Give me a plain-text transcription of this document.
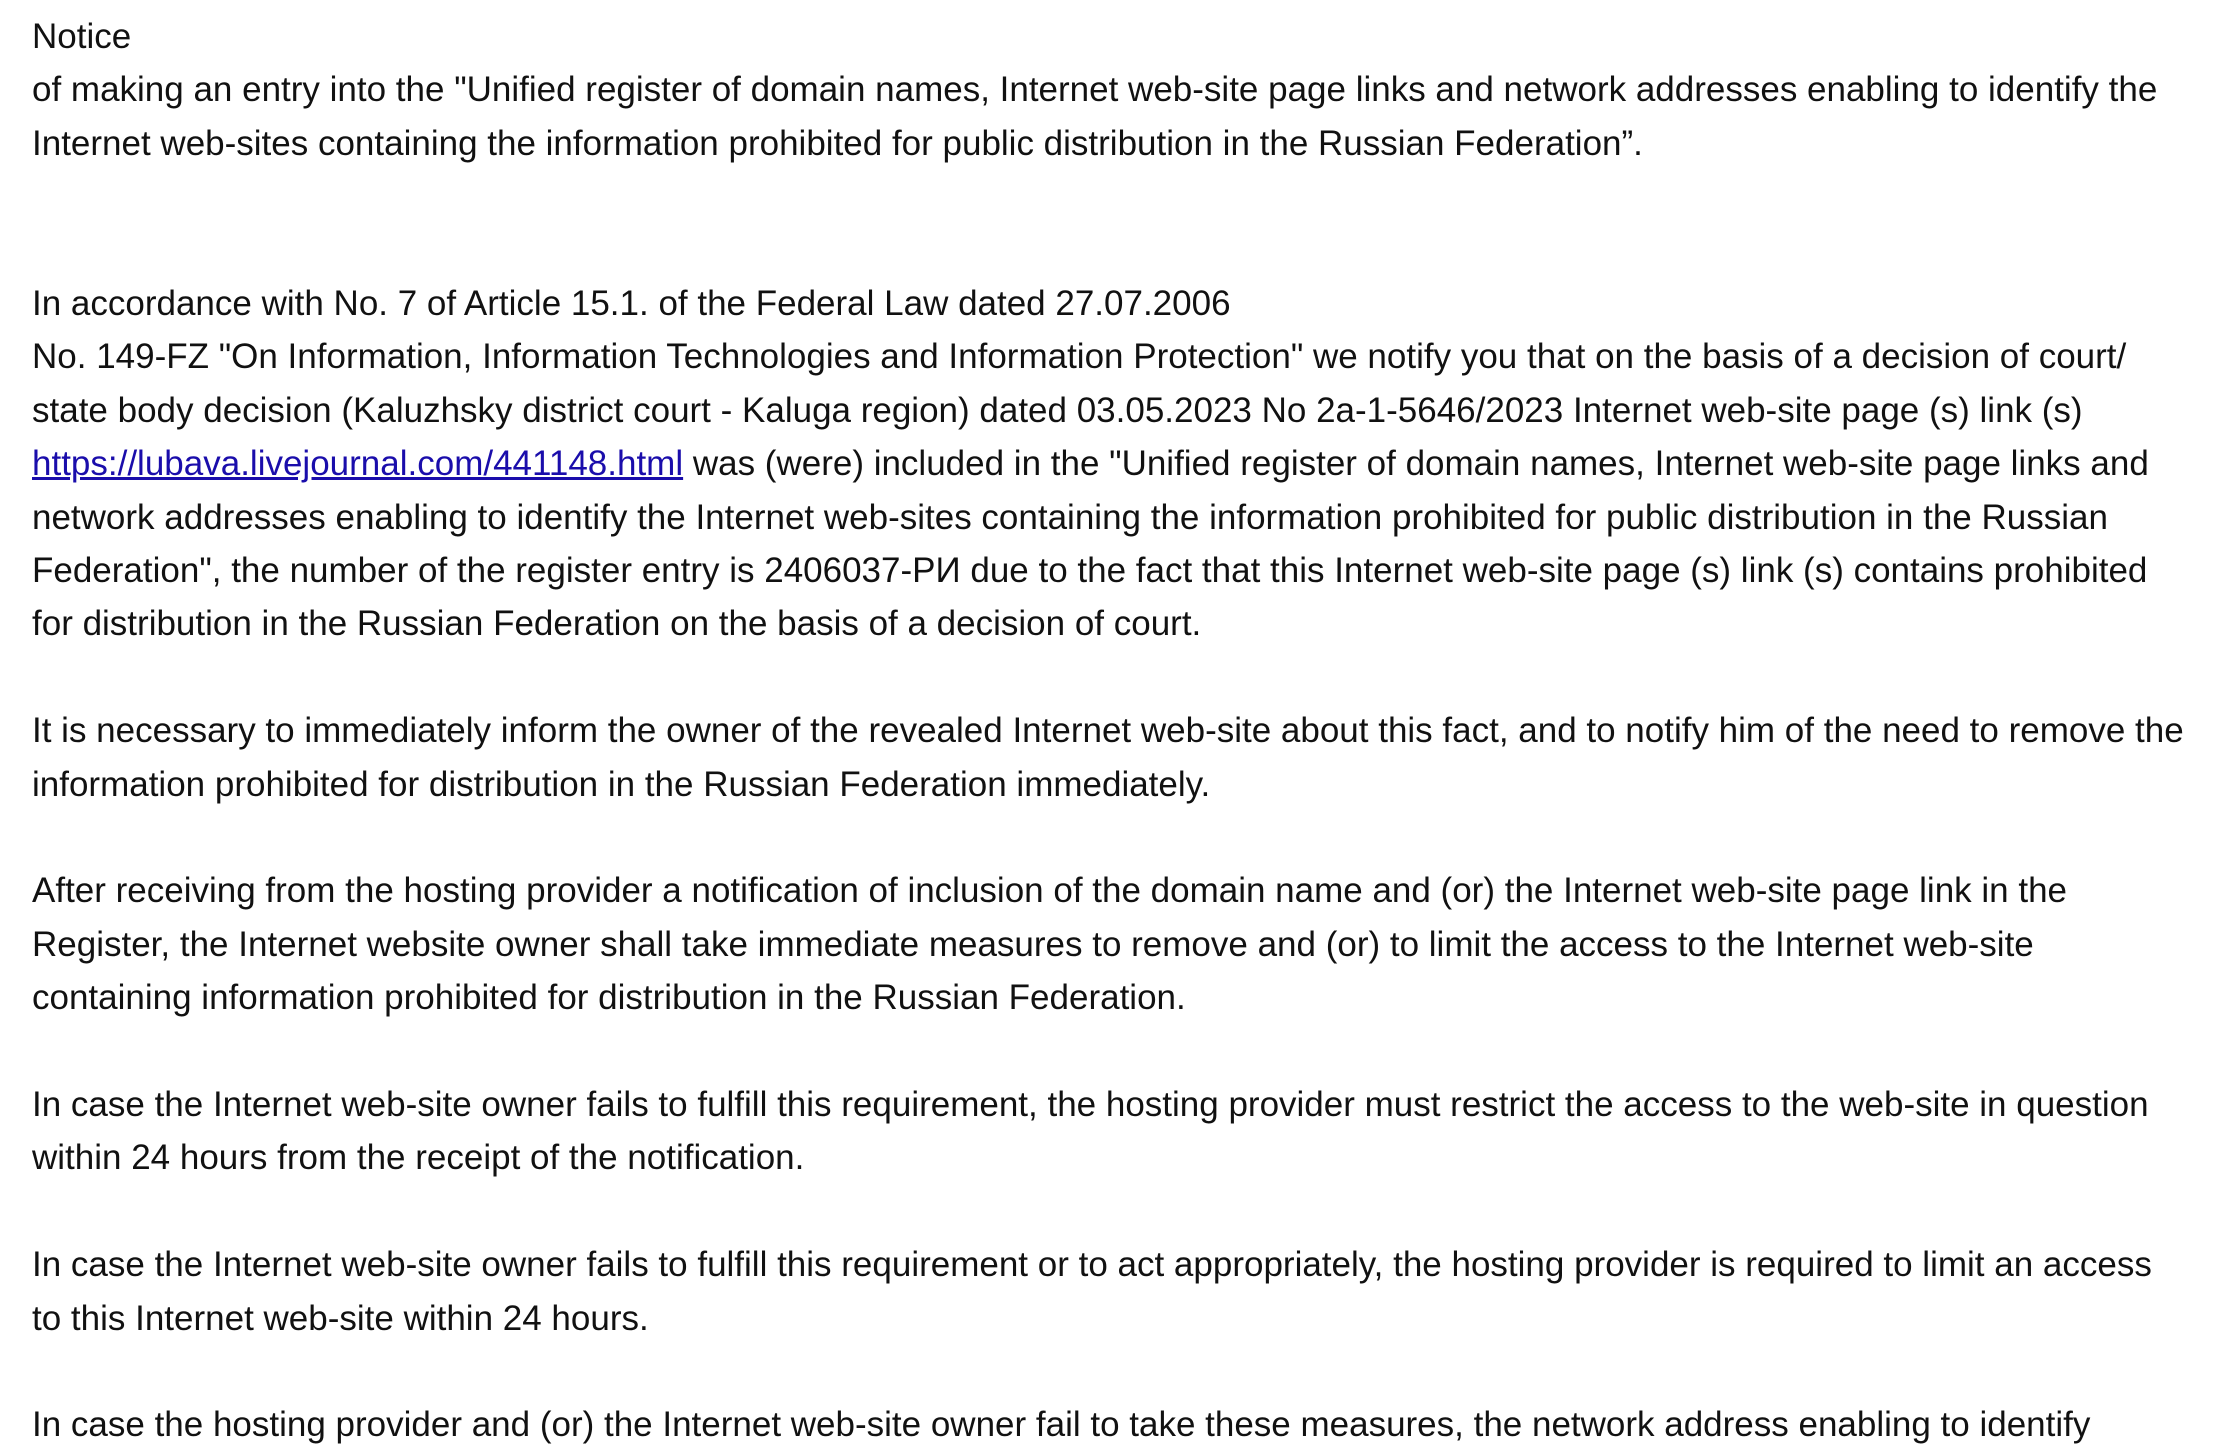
Notice
of making an entry into the "Unified register of domain names, Internet web-site page links and network addresses enabling to identify the
Internet web-sites containing the information prohibited for public distribution in the Russian Federation”.
In accordance with No. 7 of Article 15.1. of the Federal Law dated 27.07.2006
No. 149-FZ "On Information, Information Technologies and Information Protection" we notify you that on the basis of a decision of court/
state body decision (Kaluzhsky district court - Kaluga region) dated 03.05.2023 No 2a-1-5646/2023 Internet web-site page (s) link (s)
https://lubava.livejournal.com/441148.html was (were) included in the "Unified register of domain names, Internet web-site page links and
network addresses enabling to identify the Internet web-sites containing the information prohibited for public distribution in the Russian
Federation", the number of the register entry is 2406037-РИ due to the fact that this Internet web-site page (s) link (s) contains prohibited
for distribution in the Russian Federation on the basis of a decision of court.
It is necessary to immediately inform the owner of the revealed Internet web-site about this fact, and to notify him of the need to remove the
information prohibited for distribution in the Russian Federation immediately.
After receiving from the hosting provider a notification of inclusion of the domain name and (or) the Internet web-site page link in the
Register, the Internet website owner shall take immediate measures to remove and (or) to limit the access to the Internet web-site
containing information prohibited for distribution in the Russian Federation.
In case the Internet web-site owner fails to fulfill this requirement, the hosting provider must restrict the access to the web-site in question
within 24 hours from the receipt of the notification.
In case the Internet web-site owner fails to fulfill this requirement or to act appropriately, the hosting provider is required to limit an access
to this Internet web-site within 24 hours.
In case the hosting provider and (or) the Internet web-site owner fail to take these measures, the network address enabling to identify
